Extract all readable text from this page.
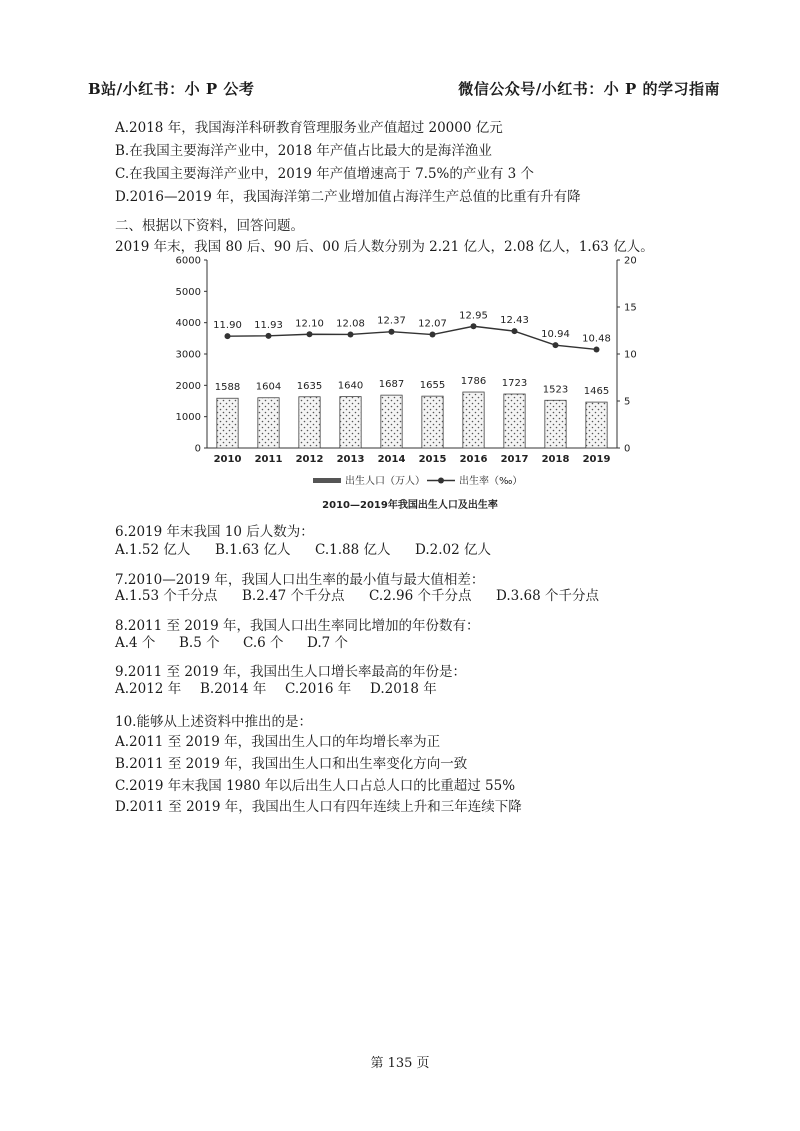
B站/小红书：小 P 公考	微信公众号/小红书：小 P 的学习指南
A.2018 年，我国海洋科研教育管理服务业产值超过 20000 亿元
B.在我国主要海洋产业中，2018 年产值占比最大的是海洋渔业
C.在我国主要海洋产业中，2019 年产值增速高于 7.5%的产业有 3 个
D.2016—2019 年，我国海洋第二产业增加值占海洋生产总值的比重有升有降
二、根据以下资料，回答问题。
2019 年末，我国 80 后、90 后、00 后人数分别为 2.21 亿人，2.08 亿人，1.63 亿人。
0
1000
2000
3000
4000
5000
6000
0
5
10
15
20
1588
2010
1604
2011
1635
2012
1640
2013
1687
2014
1655
2015
1786
2016
1723
2017
1523
2018
1465
2019
11.90 11.93 12.10 12.08 12.37 12.07
12.95 12.43
10.94 10.48
出生人口（万人）	出生率（‰）
2010—2019年我国出生人口及出生率
6.2019 年末我国 10 后人数为：
A.1.52 亿人 B.1.63 亿人 C.1.88 亿人 D.2.02 亿人
7.2010—2019 年，我国人口出生率的最小值与最大值相差：
A.1.53 个千分点 B.2.47 个千分点 C.2.96 个千分点 D.3.68 个千分点
8.2011 至 2019 年，我国人口出生率同比增加的年份数有：
A.4 个 B.5 个 C.6 个 D.7 个
9.2011 至 2019 年，我国出生人口增长率最高的年份是：
A.2012 年 B.2014 年 C.2016 年 D.2018 年
10.能够从上述资料中推出的是：
A.2011 至 2019 年，我国出生人口的年均增长率为正
B.2011 至 2019 年，我国出生人口和出生率变化方向一致
C.2019 年末我国 1980 年以后出生人口占总人口的比重超过 55%
D.2011 至 2019 年，我国出生人口有四年连续上升和三年连续下降
第 135 页
